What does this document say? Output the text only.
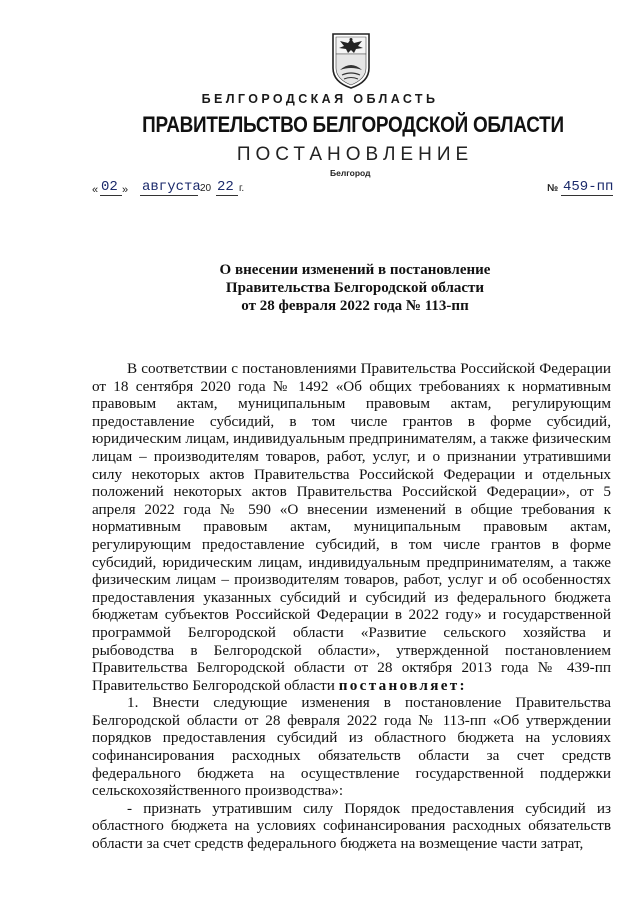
БЕЛГОРОДСКАЯ ОБЛАСТЬ
ПРАВИТЕЛЬСТВО БЕЛГОРОДСКОЙ ОБЛАСТИ
ПОСТАНОВЛЕНИЕ
Белгород
« 02 » августа 20 22 г.	№ 459-пп
О внесении изменений в постановление
Правительства Белгородской области
от 28 февраля 2022 года № 113-пп

В соответствии с постановлениями Правительства Российской Федерации от 18 сентября 2020 года № 1492 «Об общих требованиях к нормативным правовым актам, муниципальным правовым актам, регулирующим предоставление субсидий, в том числе грантов в форме субсидий, юридическим лицам, индивидуальным предпринимателям, а также физическим лицам – производителям товаров, работ, услуг, и о признании утратившими силу некоторых актов Правительства Российской Федерации и отдельных положений некоторых актов Правительства Российской Федерации», от 5 апреля 2022 года № 590 «О внесении изменений в общие требования к нормативным правовым актам, муниципальным правовым актам, регулирующим предоставление субсидий, в том числе грантов в форме субсидий, юридическим лицам, индивидуальным предпринимателям, а также физическим лицам – производителям товаров, работ, услуг и об особенностях предоставления указанных субсидий и субсидий из федерального бюджета бюджетам субъектов Российской Федерации в 2022 году» и государственной программой Белгородской области «Развитие сельского хозяйства и рыбоводства в Белгородской области», утвержденной постановлением Правительства Белгородской области от 28 октября 2013 года № 439-пп Правительство Белгородской области постановляет:

1. Внести следующие изменения в постановление Правительства Белгородской области от 28 февраля 2022 года № 113-пп «Об утверждении порядков предоставления субсидий из областного бюджета на условиях софинансирования расходных обязательств области за счет средств федерального бюджета на осуществление государственной поддержки сельскохозяйственного производства»:

- признать утратившим силу Порядок предоставления субсидий из областного бюджета на условиях софинансирования расходных обязательств области за счет средств федерального бюджета на возмещение части затрат,
